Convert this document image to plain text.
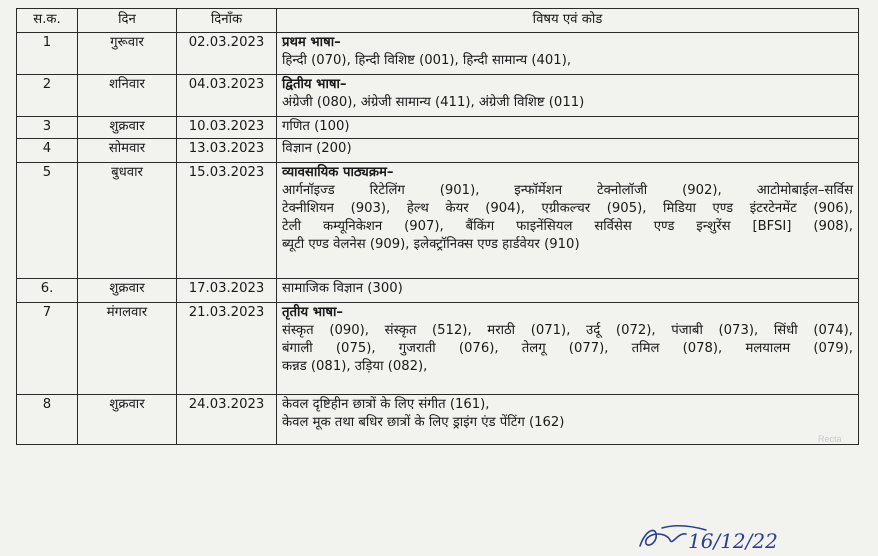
स.क.	दिन	दिनाँक	विषय एवं कोड
1	गुरूवार	02.03.2023	प्रथम भाषा–
हिन्दी (070), हिन्दी विशिष्ट (001), हिन्दी सामान्य (401),

2	शनिवार	04.03.2023	द्वितीय भाषा–
अंग्रेजी (080), अंग्रेजी सामान्य (411), अंग्रेजी विशिष्ट (011)

3	शुक्रवार	10.03.2023	गणित (100)

4	सोमवार	13.03.2023	विज्ञान (200)

5	बुधवार	15.03.2023	व्यावसायिक पाठ्यक्रम–
आर्गनॉइज्ड रिटेलिंग (901), इन्फॉर्मेशन टेक्नोलॉजी (902), आटोमोबाईल–सर्विस
टेक्नीशियन (903), हेल्थ केयर (904), एग्रीकल्चर (905), मिडिया एण्ड इंटरटेनमेंट (906),
टेली कम्यूनिकेशन (907), बैंकिंग फाइनेंसियल सर्विसेस एण्ड इन्शुरेंस [BFSI] (908),
ब्यूटी एण्ड वेलनेस (909), इलेक्ट्रॉनिक्स एण्ड हार्डवेयर (910)

6.	शुक्रवार	17.03.2023	सामाजिक विज्ञान (300)

7	मंगलवार	21.03.2023	तृतीय भाषा–
संस्कृत (090), संस्कृत (512), मराठी (071), उर्दू (072), पंजाबी (073), सिंधी (074),
बंगाली (075), गुजराती (076), तेलगू (077), तमिल (078), मलयालम (079),
कन्नड (081), उड़िया (082),

8	शुक्रवार	24.03.2023	केवल दृष्टिहीन छात्रों के लिए संगीत (161),
केवल मूक तथा बधिर छात्रों के लिए ड्राइंग एंड पेंटिंग (162)
Recta
16/12/22
